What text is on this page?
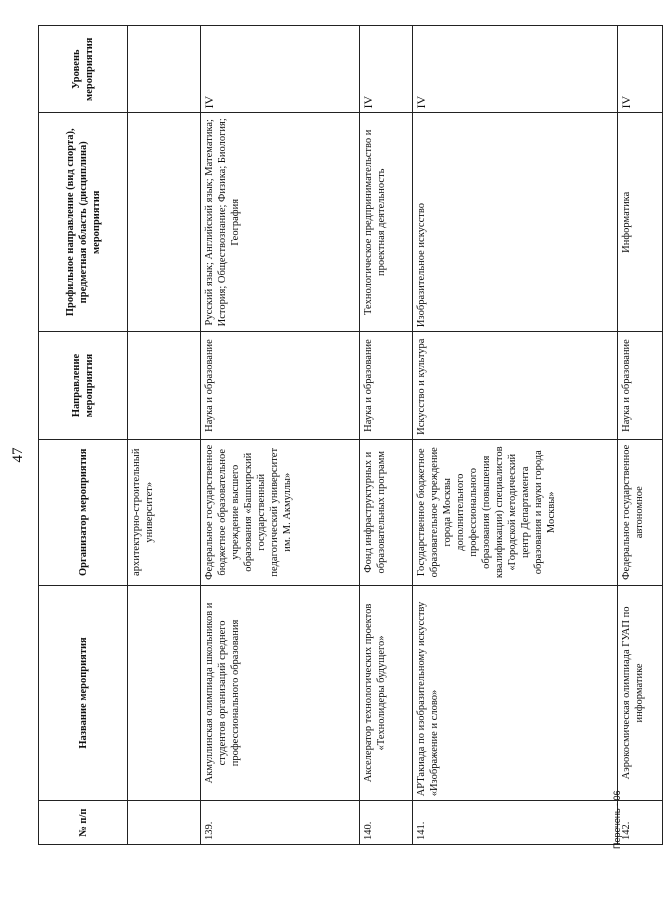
47
№ п/п	Название мероприятия	Организатор мероприятия	Направление мероприятия	Профильное направление (вид спорта), предметная область (дисциплина) мероприятия	Уровень мероприятия
		архитектурно-строительный университет»			
139.	Акмуллинская олимпиада школьников и студентов организаций среднего профессионального образования	Федеральное государственное бюджетное образовательное учреждение высшего образования «Башкирский государственный педагогический университет им. М. Акмуллы»	Наука и образование	Русский язык; Английский язык; Математика; История; Обществознание; Физика; Биология; География	IV
140.	Акселератор технологических проектов «Технолидеры будущего»	Фонд инфраструктурных и образовательных программ	Наука и образование	Технологическое предпринимательство и проектная деятельность	IV
141.	АРТакиада по изобразительному искусству «Изображение и слово»	Государственное бюджетное образовательное учреждение города Москвы дополнительного профессионального образования (повышения квалификации) специалистов «Городской методический центр Департамента образования и науки города Москвы»	Искусство и культура	Изобразительное искусство	IV
142.	Аэрокосмическая олимпиада ГУАП по информатике	Федеральное государственное автономное	Наука и образование	Информатика	IV
Перечень - 06
